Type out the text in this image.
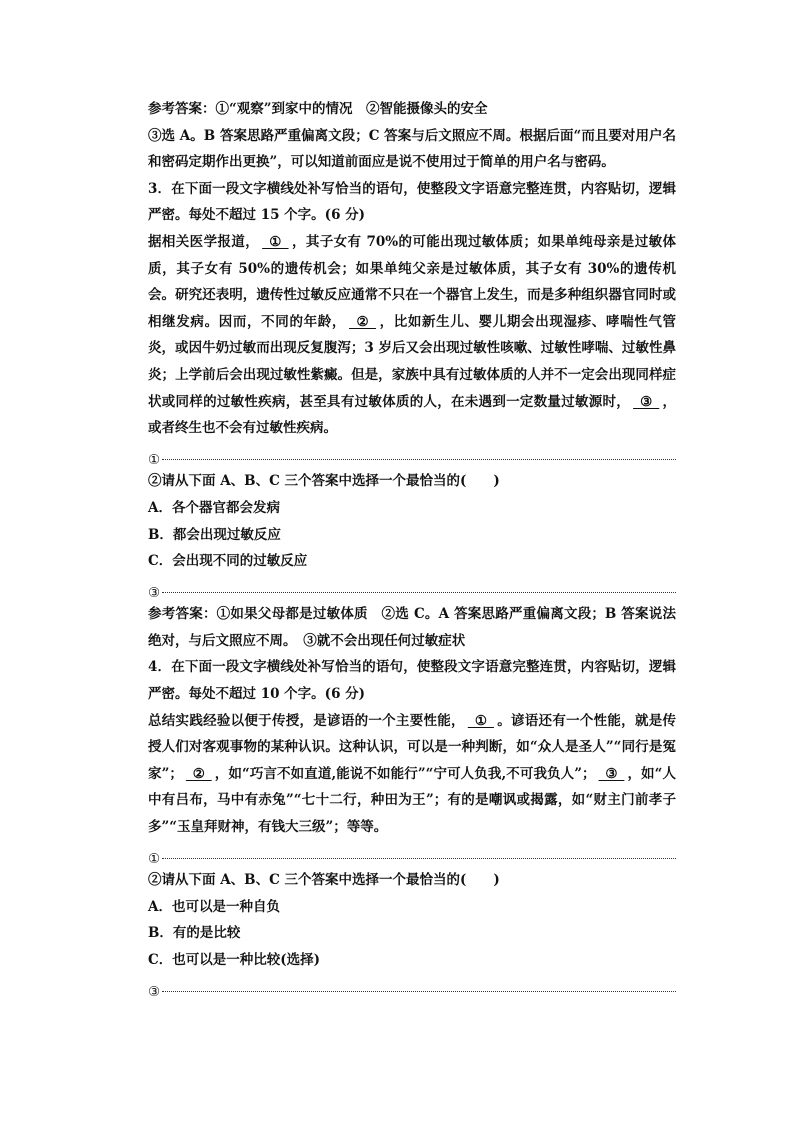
参考答案：①“观察”到家中的情况　②智能摄像头的安全

③选 A。B 答案思路严重偏离文段；C 答案与后文照应不周。根据后面“而且要对用户名和密码定期作出更换”，可以知道前面应是说不使用过于简单的用户名与密码。

3．在下面一段文字横线处补写恰当的语句，使整段文字语意完整连贯，内容贴切，逻辑严密。每处不超过 15 个字。(6 分)

据相关医学报道， ① ，其子女有 70%的可能出现过敏体质；如果单纯母亲是过敏体质，其子女有 50%的遗传机会；如果单纯父亲是过敏体质，其子女有 30%的遗传机会。研究还表明，遗传性过敏反应通常不只在一个器官上发生，而是多种组织器官同时或相继发病。因而，不同的年龄， ② ，比如新生儿、婴儿期会出现湿疹、哮喘性气管炎，或因牛奶过敏而出现反复腹泻；3 岁后又会出现过敏性咳嗽、过敏性哮喘、过敏性鼻炎；上学前后会出现过敏性紫癜。但是，家族中具有过敏体质的人并不一定会出现同样症状或同样的过敏性疾病，甚至具有过敏体质的人，在未遇到一定数量过敏源时， ③ ，或者终生也不会有过敏性疾病。

①

②请从下面 A、B、C 三个答案中选择一个最恰当的(　　)

A．各个器官都会发病

B．都会出现过敏反应

C．会出现不同的过敏反应

③

参考答案：①如果父母都是过敏体质　②选 C。A 答案思路严重偏离文段；B 答案说法绝对，与后文照应不周。　③就不会出现任何过敏症状

4．在下面一段文字横线处补写恰当的语句，使整段文字语意完整连贯，内容贴切，逻辑严密。每处不超过 10 个字。(6 分)

总结实践经验以便于传授，是谚语的一个主要性能， ① 。谚语还有一个性能，就是传授人们对客观事物的某种认识。这种认识，可以是一种判断，如“众人是圣人”“同行是冤家”； ② ，如“巧言不如直道,能说不如能行”“宁可人负我,不可我负人”； ③ ，如“人中有吕布，马中有赤兔”“七十二行，种田为王”；有的是嘲讽或揭露，如“财主门前孝子多”“玉皇拜财神，有钱大三级”；等等。

①

②请从下面 A、B、C 三个答案中选择一个最恰当的(　　)

A．也可以是一种自负

B．有的是比较

C．也可以是一种比较(选择)

③
